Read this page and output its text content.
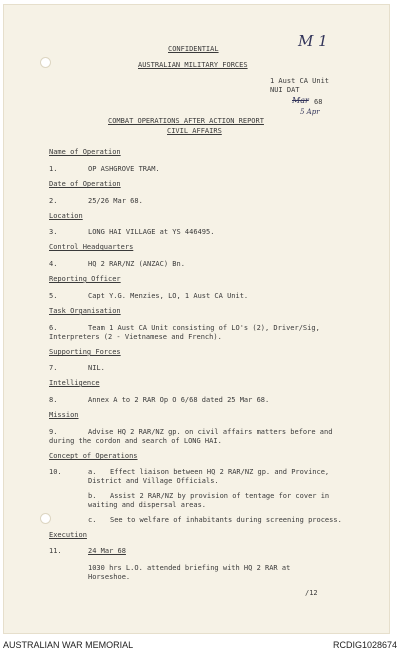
M 1
Mar
5 Apr
CONFIDENTIAL
AUSTRALIAN MILITARY FORCES
1 Aust CA Unit
NUI DAT
68
COMBAT OPERATIONS AFTER ACTION REPORT
CIVIL AFFAIRS
Name of Operation
1.	OP ASHGROVE TRAM.
Date of Operation
2.	25/26 Mar 68.
Location
3.	LONG HAI VILLAGE at YS 446495.
Control Headquarters
4.	HQ 2 RAR/NZ (ANZAC) Bn.
Reporting Officer
5.	Capt Y.G. Menzies, LO, 1 Aust CA Unit.
Task Organisation
6.	Team 1 Aust CA Unit consisting of LO's (2), Driver/Sig,
Interpreters (2 - Vietnamese and French).
Supporting Forces
7.	NIL.
Intelligence
8.	Annex A to 2 RAR Op O 6/68 dated 25 Mar 68.
Mission
9.	Advise HQ 2 RAR/NZ gp. on civil affairs matters before and
during the cordon and search of LONG HAI.
Concept of Operations
10.	a. Effect liaison between HQ 2 RAR/NZ gp. and Province,
District and Village Officials.
b. Assist 2 RAR/NZ by provision of tentage for cover in
waiting and dispersal areas.
c. See to welfare of inhabitants during screening process.
Execution
11.	24 Mar 68
1030 hrs L.O. attended briefing with HQ 2 RAR at
Horseshoe.
/12
AUSTRALIAN WAR MEMORIAL	RCDIG1028674
